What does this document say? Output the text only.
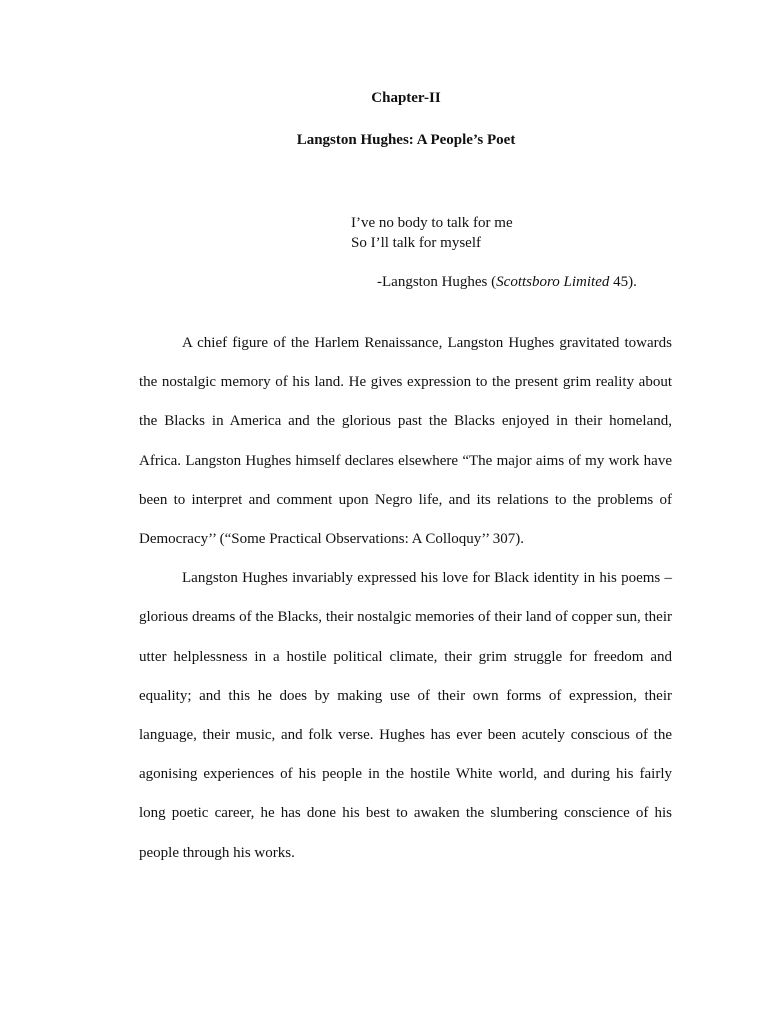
Chapter-II
Langston Hughes: A People’s Poet
I’ve no body to talk for me
So I’ll talk for myself
-Langston Hughes (Scottsboro Limited 45).

A chief figure of the Harlem Renaissance, Langston Hughes gravitated towards the nostalgic memory of his land. He gives expression to the present grim reality about the Blacks in America and the glorious past the Blacks enjoyed in their homeland, Africa. Langston Hughes himself declares elsewhere “The major aims of my work have been to interpret and comment upon Negro life, and its relations to the problems of Democracy’’ (“Some Practical Observations: A Colloquy’’ 307).

Langston Hughes invariably expressed his love for Black identity in his poems – glorious dreams of the Blacks, their nostalgic memories of their land of copper sun, their utter helplessness in a hostile political climate, their grim struggle for freedom and equality; and this he does by making use of their own forms of expression, their language, their music, and folk verse. Hughes has ever been acutely conscious of the agonising experiences of his people in the hostile White world, and during his fairly long poetic career, he has done his best to awaken the slumbering conscience of his people through his works.
